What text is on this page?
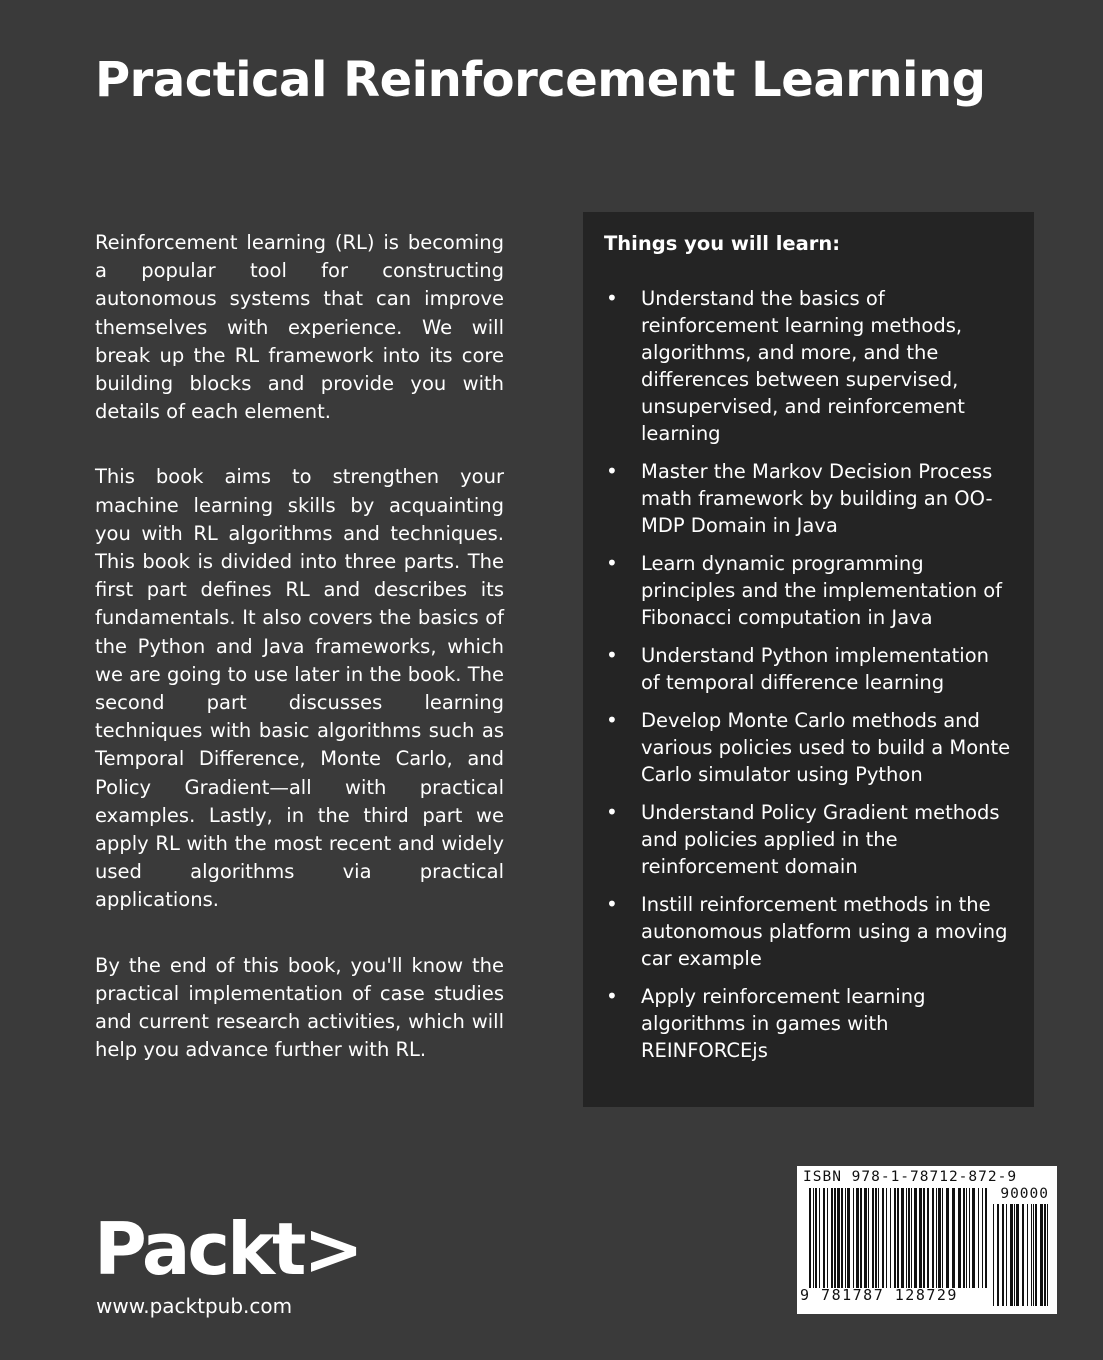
Practical Reinforcement Learning

Reinforcement learning (RL) is becoming a popular tool for constructing autonomous systems that can improve themselves with experience. We will break up the RL framework into its core building blocks and provide you with details of each element.

This book aims to strengthen your machine learning skills by acquainting you with RL algorithms and techniques. This book is divided into three parts. The first part defines RL and describes its fundamentals. It also covers the basics of the Python and Java frameworks, which we are going to use later in the book. The second part discusses learning techniques with basic algorithms such as Temporal Difference, Monte Carlo, and Policy Gradient—all with practical examples. Lastly, in the third part we apply RL with the most recent and widely used algorithms via practical applications.

By the end of this book, you'll know the practical implementation of case studies and current research activities, which will help you advance further with RL.

Things you will learn:
• Understand the basics of reinforcement learning methods, algorithms, and more, and the differences between supervised, unsupervised, and reinforcement learning
• Master the Markov Decision Process math framework by building an OO-MDP Domain in Java
• Learn dynamic programming principles and the implementation of Fibonacci computation in Java
• Understand Python implementation of temporal difference learning
• Develop Monte Carlo methods and various policies used to build a Monte Carlo simulator using Python
• Understand Policy Gradient methods and policies applied in the reinforcement domain
• Instill reinforcement methods in the autonomous platform using a moving car example
• Apply reinforcement learning algorithms in games with REINFORCEjs
Packt>
www.packtpub.com
ISBN 978-1-78712-872-9
90000
9 781787 128729
